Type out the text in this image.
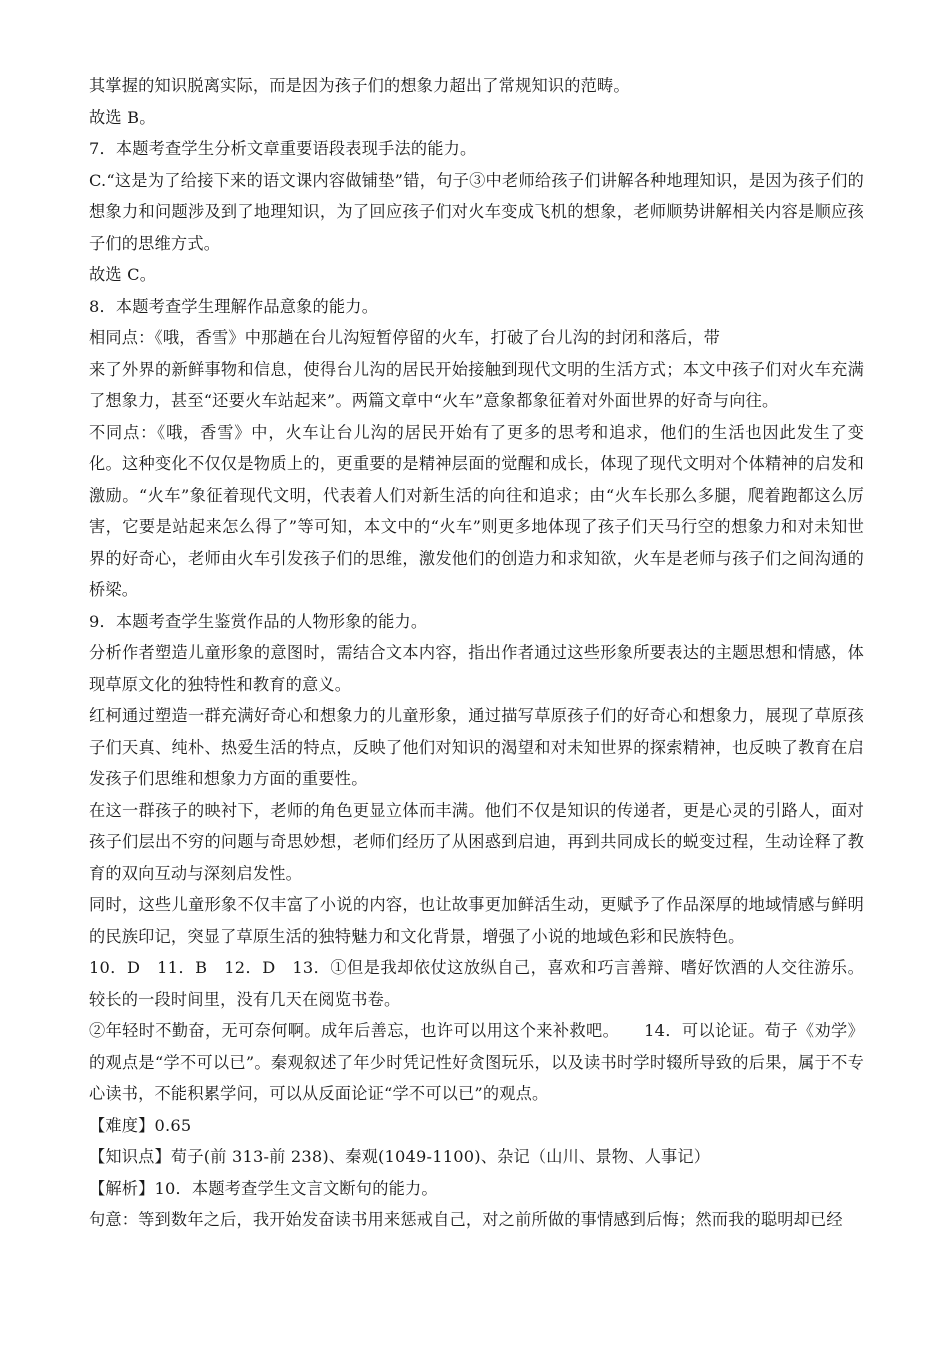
其掌握的知识脱离实际，而是因为孩子们的想象力超出了常规知识的范畴。

故选 B。

7．本题考查学生分析文章重要语段表现手法的能力。

C.“这是为了给接下来的语文课内容做铺垫”错，句子③中老师给孩子们讲解各种地理知识，是因为孩子们的想象力和问题涉及到了地理知识，为了回应孩子们对火车变成飞机的想象，老师顺势讲解相关内容是顺应孩子们的思维方式。

故选 C。

8．本题考查学生理解作品意象的能力。

相同点：《哦，香雪》中那趟在台儿沟短暂停留的火车，打破了台儿沟的封闭和落后，带

来了外界的新鲜事物和信息，使得台儿沟的居民开始接触到现代文明的生活方式；本文中孩子们对火车充满了想象力，甚至“还要火车站起来”。两篇文章中“火车”意象都象征着对外面世界的好奇与向往。

不同点：《哦，香雪》中，火车让台儿沟的居民开始有了更多的思考和追求，他们的生活也因此发生了变化。这种变化不仅仅是物质上的，更重要的是精神层面的觉醒和成长，体现了现代文明对个体精神的启发和激励。“火车”象征着现代文明，代表着人们对新生活的向往和追求；由“火车长那么多腿，爬着跑都这么厉害，它要是站起来怎么得了”等可知，本文中的“火车”则更多地体现了孩子们天马行空的想象力和对未知世界的好奇心，老师由火车引发孩子们的思维，激发他们的创造力和求知欲，火车是老师与孩子们之间沟通的桥梁。

9．本题考查学生鉴赏作品的人物形象的能力。

分析作者塑造儿童形象的意图时，需结合文本内容，指出作者通过这些形象所要表达的主题思想和情感，体现草原文化的独特性和教育的意义。

红柯通过塑造一群充满好奇心和想象力的儿童形象，通过描写草原孩子们的好奇心和想象力，展现了草原孩子们天真、纯朴、热爱生活的特点，反映了他们对知识的渴望和对未知世界的探索精神，也反映了教育在启发孩子们思维和想象力方面的重要性。

在这一群孩子的映衬下，老师的角色更显立体而丰满。他们不仅是知识的传递者，更是心灵的引路人，面对孩子们层出不穷的问题与奇思妙想，老师们经历了从困惑到启迪，再到共同成长的蜕变过程，生动诠释了教育的双向互动与深刻启发性。

同时，这些儿童形象不仅丰富了小说的内容，也让故事更加鲜活生动，更赋予了作品深厚的地域情感与鲜明的民族印记，突显了草原生活的独特魅力和文化背景，增强了小说的地域色彩和民族特色。

10．D　11．B　12．D　13．①但是我却依仗这放纵自己，喜欢和巧言善辩、嗜好饮酒的人交往游乐。较长的一段时间里，没有几天在阅览书卷。

②年轻时不勤奋，无可奈何啊。成年后善忘，也许可以用这个来补救吧。　　14．可以论证。荀子《劝学》的观点是“学不可以已”。秦观叙述了年少时凭记性好贪图玩乐，以及读书时学时辍所导致的后果，属于不专心读书，不能积累学问，可以从反面论证“学不可以已”的观点。

【难度】0.65

【知识点】荀子(前 313-前 238)、秦观(1049-1100)、杂记（山川、景物、人事记）

【解析】10．本题考查学生文言文断句的能力。

句意：等到数年之后，我开始发奋读书用来惩戒自己，对之前所做的事情感到后悔；然而我的聪明却已经
